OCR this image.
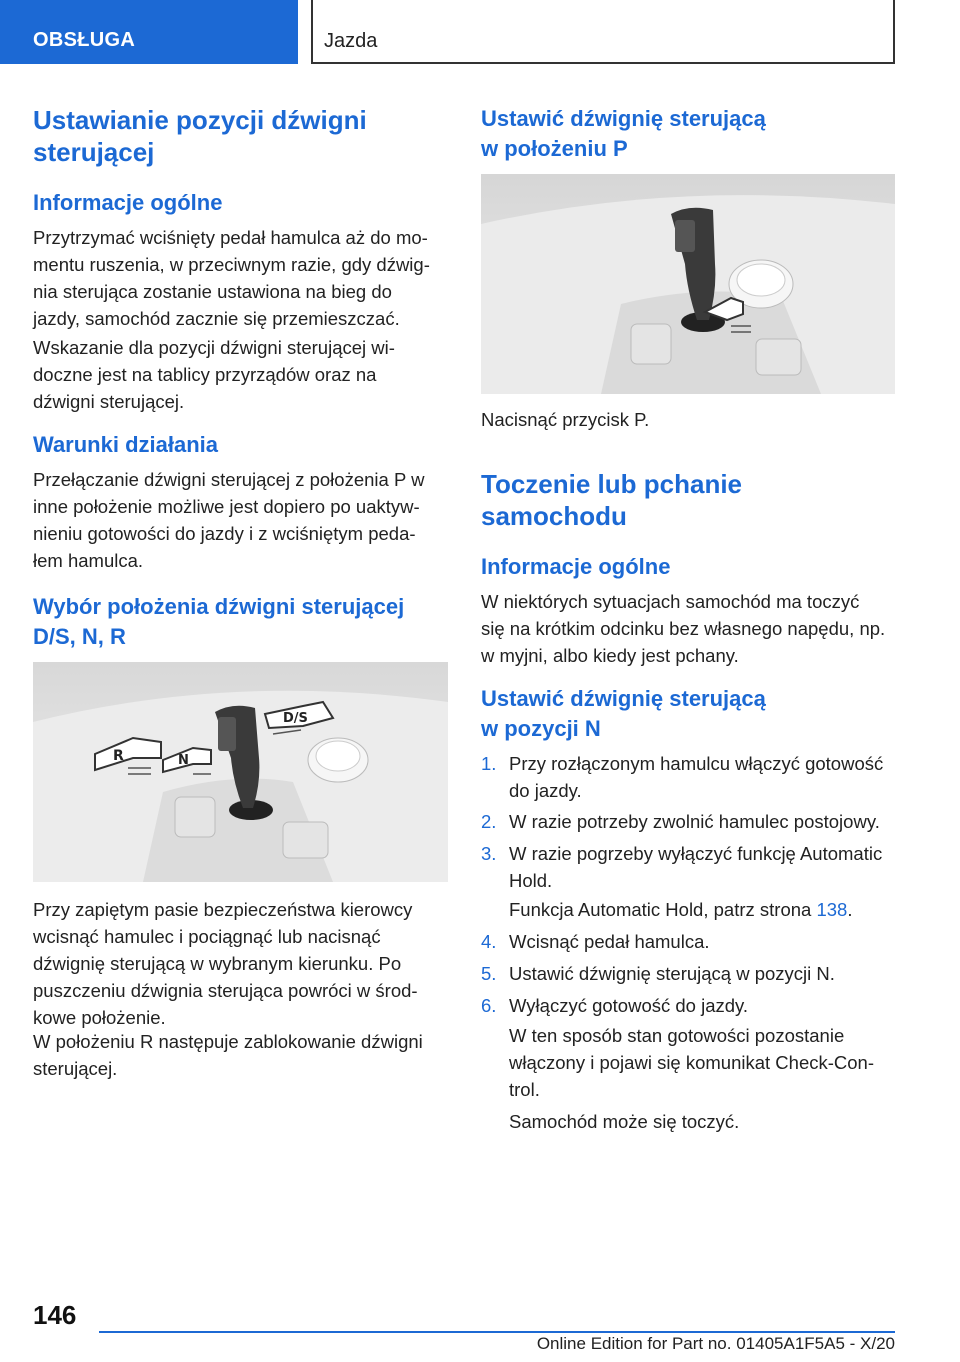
OBSŁUGA	Jazda
Ustawianie pozycji dźwigni
sterującej
Informacje ogólne
Przytrzymać wciśnięty pedał hamulca aż do mo-
mentu ruszenia, w przeciwnym razie, gdy dźwig-
nia sterująca zostanie ustawiona na bieg do
jazdy, samochód zacznie się przemieszczać.
Wskazanie dla pozycji dźwigni sterującej wi-
doczne jest na tablicy przyrządów oraz na
dźwigni sterującej.
Warunki działania
Przełączanie dźwigni sterującej z położenia P w
inne położenie możliwe jest dopiero po uaktyw-
nieniu gotowości do jazdy i z wciśniętym peda-
łem hamulca.
Wybór położenia dźwigni sterującej
D/S, N, R
R	N
D/S
Przy zapiętym pasie bezpieczeństwa kierowcy
wcisnąć hamulec i pociągnąć lub nacisnąć
dźwignię sterującą w wybranym kierunku. Po
puszczeniu dźwignia sterująca powróci w środ-
kowe położenie.
W położeniu R następuje zablokowanie dźwigni
sterującej.
Ustawić dźwignię sterującą
w położeniu P
Nacisnąć przycisk P.
Toczenie lub pchanie
samochodu
Informacje ogólne
W niektórych sytuacjach samochód ma toczyć
się na krótkim odcinku bez własnego napędu, np.
w myjni, albo kiedy jest pchany.
Ustawić dźwignię sterującą
w pozycji N
1. Przy rozłączonym hamulcu włączyć gotowość
do jazdy.
2. W razie potrzeby zwolnić hamulec postojowy.
3. W razie pogrzeby wyłączyć funkcję Automatic
Hold.
Funkcja Automatic Hold, patrz strona 138.
4. Wcisnąć pedał hamulca.
5. Ustawić dźwignię sterującą w pozycji N.
6. Wyłączyć gotowość do jazdy.
W ten sposób stan gotowości pozostanie
włączony i pojawi się komunikat Check-Con-
trol.
Samochód może się toczyć.
146
Online Edition for Part no. 01405A1F5A5 - X/20
